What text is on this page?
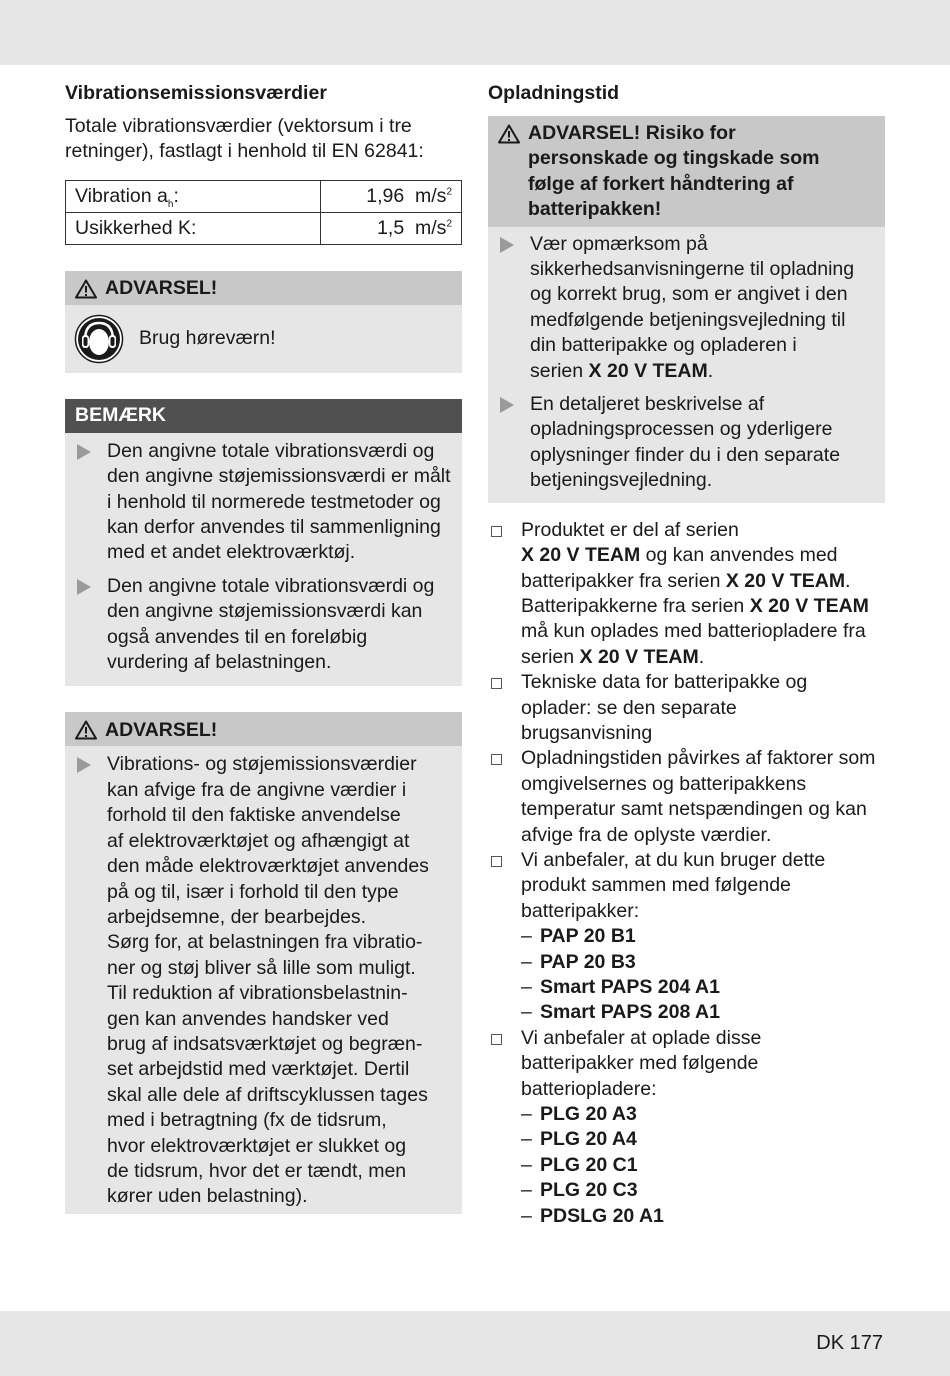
Vibrationsemissionsværdier

Totale vibrationsværdier (vektorsum i tre retninger), fastlagt i henhold til EN 62841:

Vibration $a_h$:	1,96 $m/s^2$
Usikkerhed K:	1,5 $m/s^2$
ADVARSEL!
Brug høreværn!
BEMÆRK
Den angivne totale vibrationsværdi og den angivne støjemissionsværdi er målt i henhold til normerede testmetoder og kan derfor anvendes til sammenligning med et andet elektroværktøj.
Den angivne totale vibrationsværdi og den angivne støjemissionsværdi kan også anvendes til en foreløbig vurdering af belastningen.
ADVARSEL!
Vibrations- og støjemissionsværdier
kan afvige fra de angivne værdier i
forhold til den faktiske anvendelse
af elektroværktøjet og afhængigt at
den måde elektroværktøjet anvendes
på og til, især i forhold til den type
arbejdsemne, der bearbejdes.
Sørg for, at belastningen fra vibratio-
ner og støj bliver så lille som muligt.
Til reduktion af vibrationsbelastnin-
gen kan anvendes handsker ved
brug af indsatsværktøjet og begræn-
set arbejdstid med værktøjet. Dertil
skal alle dele af driftscyklussen tages
med i betragtning (fx de tidsrum,
hvor elektroværktøjet er slukket og
de tidsrum, hvor det er tændt, men
kører uden belastning).
Opladningstid
ADVARSEL! Risiko for personskade og tingskade som følge af forkert håndtering af batteripakken!
Vær opmærksom på sikkerhedsanvisningerne til opladning og korrekt brug, som er angivet i den medfølgende betjeningsvejledning til din batteripakke og opladeren i serien X 20 V TEAM.
En detaljeret beskrivelse af opladningsprocessen og yderligere oplysninger finder du i den separate betjeningsvejledning.
Produktet er del af serien
X 20 V TEAM og kan anvendes med batteripakker fra serien X 20 V TEAM. Batteripakkerne fra serien X 20 V TEAM må kun oplades med batteriopladere fra serien X 20 V TEAM.
Tekniske data for batteripakke og oplader: se den separate brugsanvisning
Opladningstiden påvirkes af faktorer som omgivelsernes og batteripakkens temperatur samt netspændingen og kan afvige fra de oplyste værdier.
Vi anbefaler, at du kun bruger dette produkt sammen med følgende batteripakker:
– PAP 20 B1
– PAP 20 B3
– Smart PAPS 204 A1
– Smart PAPS 208 A1
Vi anbefaler at oplade disse batteripakker med følgende batteriopladere:
– PLG 20 A3
– PLG 20 A4
– PLG 20 C1
– PLG 20 C3
– PDSLG 20 A1
DK 177
